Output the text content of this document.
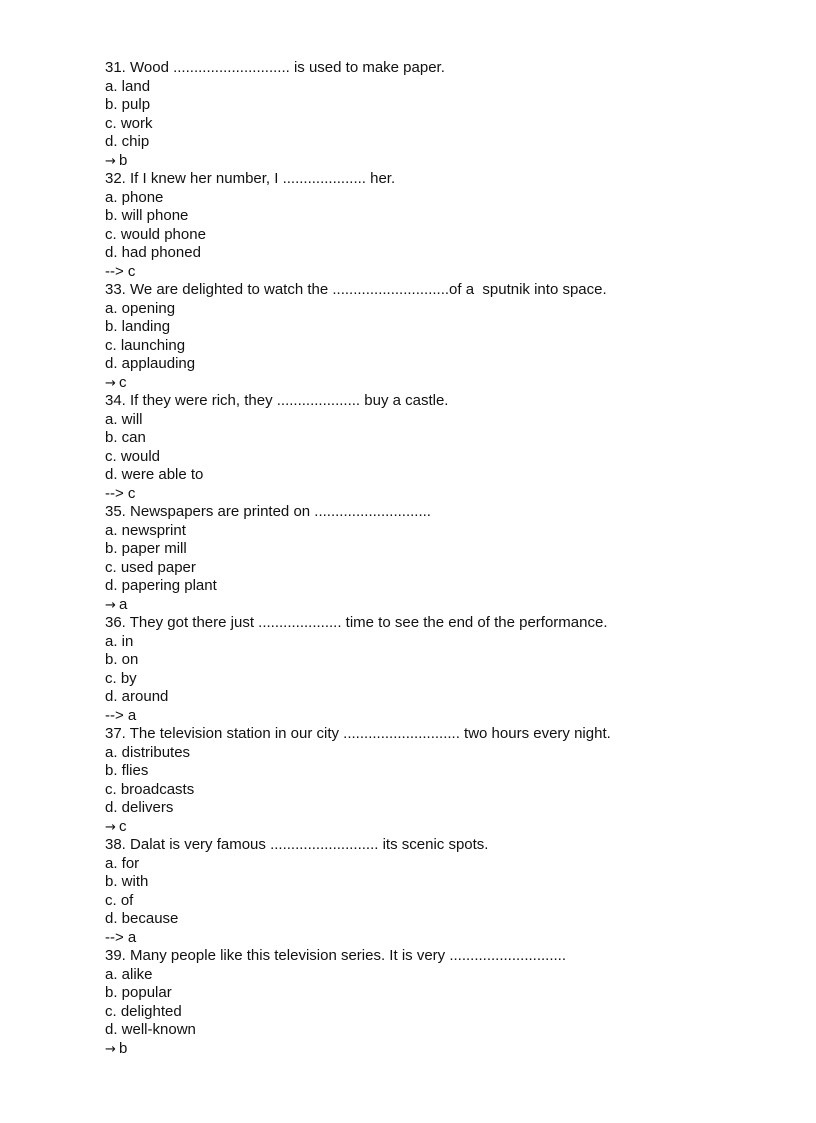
31. Wood ............................ is used to make paper.
a. land
b. pulp
c. work
d. chip
→ b
32. If I knew her number, I .................... her.
a. phone
b. will phone
c. would phone
d. had phoned
--> c
33. We are delighted to watch the ............................of a  sputnik into space.
a. opening
b. landing
c. launching
d. applauding
→ c
34. If they were rich, they .................... buy a castle.
a. will
b. can
c. would
d. were able to
--> c
35. Newspapers are printed on ............................
a. newsprint
b. paper mill
c. used paper
d. papering plant
→ a
36. They got there just .................... time to see the end of the performance.
a. in
b. on
c. by
d. around
--> a
37. The television station in our city ............................ two hours every night.
a. distributes
b. flies
c. broadcasts
d. delivers
→ c
38. Dalat is very famous .......................... its scenic spots.
a. for
b. with
c. of
d. because
--> a
39. Many people like this television series. It is very ............................
a. alike
b. popular
c. delighted
d. well-known
→ b
